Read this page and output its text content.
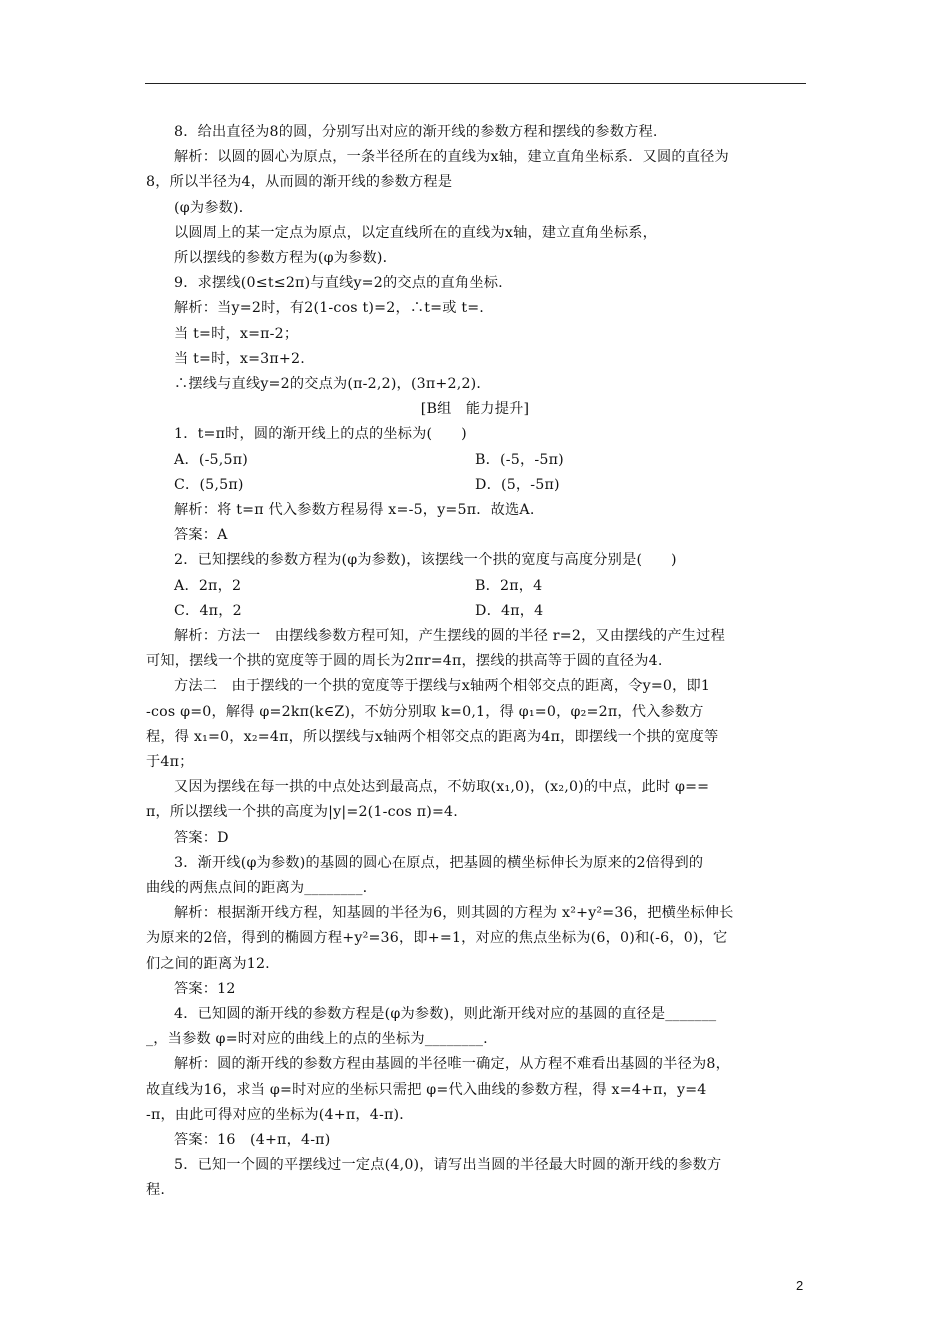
8．给出直径为8的圆，分别写出对应的渐开线的参数方程和摆线的参数方程.
解析：以圆的圆心为原点，一条半径所在的直线为x轴，建立直角坐标系．又圆的直径为
8，所以半径为4，从而圆的渐开线的参数方程是
(φ为参数)．
以圆周上的某一定点为原点，以定直线所在的直线为x轴，建立直角坐标系，
所以摆线的参数方程为(φ为参数)．
9．求摆线(0≤t≤2π)与直线y=2的交点的直角坐标.
解析：当y=2时，有2(1-cos t)=2，∴t=或 t=.
当 t=时，x=π-2；
当 t=时，x=3π+2.
∴摆线与直线y=2的交点为(π-2,2)，(3π+2,2)．
[B组　能力提升]
1．t=π时，圆的渐开线上的点的坐标为(　　)
A．(-5,5π)	B．(-5，-5π)
C．(5,5π)	D．(5，-5π)
解析：将 t=π 代入参数方程易得 x=-5，y=5π．故选A.
答案：A
2．已知摆线的参数方程为(φ为参数)，该摆线一个拱的宽度与高度分别是(　　)
A．2π，2	B．2π，4
C．4π，2	D．4π，4
解析：方法一　由摆线参数方程可知，产生摆线的圆的半径 r=2，又由摆线的产生过程
可知，摆线一个拱的宽度等于圆的周长为2πr=4π，摆线的拱高等于圆的直径为4.
方法二　由于摆线的一个拱的宽度等于摆线与x轴两个相邻交点的距离，令y=0，即1
-cos φ=0，解得 φ=2kπ(k∈Z)，不妨分别取 k=0,1，得 φ₁=0，φ₂=2π，代入参数方
程，得 x₁=0，x₂=4π，所以摆线与x轴两个相邻交点的距离为4π，即摆线一个拱的宽度等
于4π；
又因为摆线在每一拱的中点处达到最高点，不妨取(x₁,0)，(x₂,0)的中点，此时 φ==
π，所以摆线一个拱的高度为|y|=2(1-cos π)=4.
答案：D
3．渐开线(φ为参数)的基圆的圆心在原点，把基圆的横坐标伸长为原来的2倍得到的
曲线的两焦点间的距离为________.
解析：根据渐开线方程，知基圆的半径为6，则其圆的方程为 x²+y²=36，把横坐标伸长
为原来的2倍，得到的椭圆方程+y²=36，即+=1，对应的焦点坐标为(6，0)和(-6，0)，它
们之间的距离为12.
答案：12
4．已知圆的渐开线的参数方程是(φ为参数)，则此渐开线对应的基圆的直径是_______
_，当参数 φ=时对应的曲线上的点的坐标为________.
解析：圆的渐开线的参数方程由基圆的半径唯一确定，从方程不难看出基圆的半径为8，
故直线为16，求当 φ=时对应的坐标只需把 φ=代入曲线的参数方程，得 x=4+π，y=4
-π，由此可得对应的坐标为(4+π，4-π)．
答案：16　(4+π，4-π)
5．已知一个圆的平摆线过一定点(4,0)，请写出当圆的半径最大时圆的渐开线的参数方
程.
2
